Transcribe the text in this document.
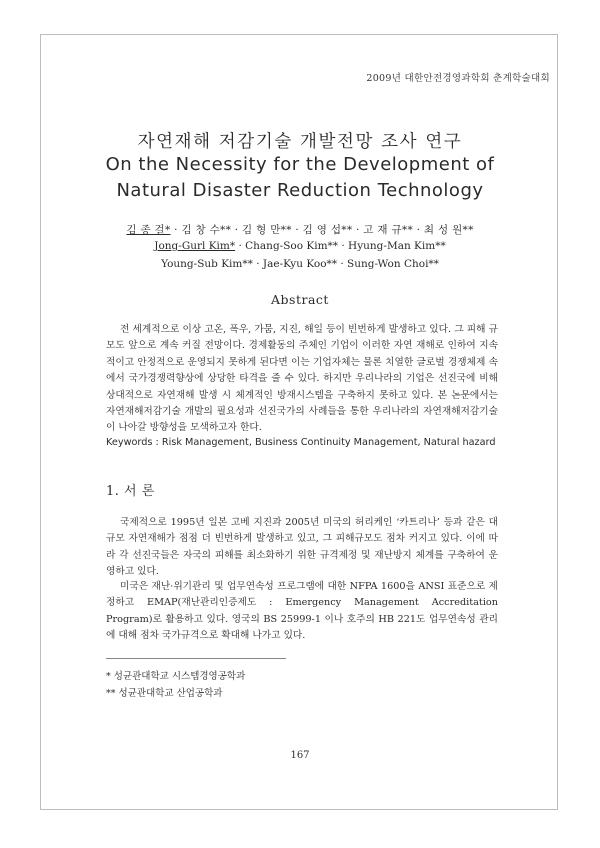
2009년 대한안전경영과학회 춘계학술대회
자연재해 저감기술 개발전망 조사 연구
On the Necessity for the Development of
Natural Disaster Reduction Technology
김 종 걸* · 김 창 수** · 김 형 만** · 김 영 섭** · 고 재 규** · 최 성 원**
Jong-Gurl Kim* · Chang-Soo Kim** · Hyung-Man Kim**
Young-Sub Kim** · Jae-Kyu Koo** · Sung-Won Choi**
Abstract
전 세계적으로 이상 고온, 폭우, 가뭄, 지진, 해일 등이 빈번하게 발생하고 있다. 그 피해 규모도 앞으로 계속 커질 전망이다. 경제활동의 주체인 기업이 이러한 자연 재해로 인하여 지속적이고 안정적으로 운영되지 못하게 된다면 이는 기업자체는 물론 치열한 글로벌 경쟁체제 속에서 국가경쟁력향상에 상당한 타격을 줄 수 있다. 하지만 우리나라의 기업은 선진국에 비해 상대적으로 자연재해 발생 시 체계적인 방재시스템을 구축하지 못하고 있다. 본 논문에서는 자연재해저감기술 개발의 필요성과 선진국가의 사례들을 통한 우리나라의 자연재해저감기술이 나아갈 방향성을 모색하고자 한다.
Keywords : Risk Management, Business Continuity Management, Natural hazard
1. 서 론
국제적으로 1995년 일본 고베 지진과 2005년 미국의 허리케인 ‘카트리나’ 등과 같은 대규모 자연재해가 점점 더 빈번하게 발생하고 있고, 그 피해규모도 점차 커지고 있다. 이에 따라 각 선진국들은 자국의 피해를 최소화하기 위한 규격제정 및 재난방지 체계를 구축하여 운영하고 있다.
미국은 재난·위기관리 및 업무연속성 프로그램에 대한 NFPA 1600을 ANSI 표준으로 제정하고 EMAP(재난관리인증제도 : Emergency Management Accreditation Program)로 활용하고 있다. 영국의 BS 25999-1 이나 호주의 HB 221도 업무연속성 관리에 대해 점차 국가규격으로 확대해 나가고 있다.
* 성균관대학교 시스템경영공학과
** 성균관대학교 산업공학과
167
